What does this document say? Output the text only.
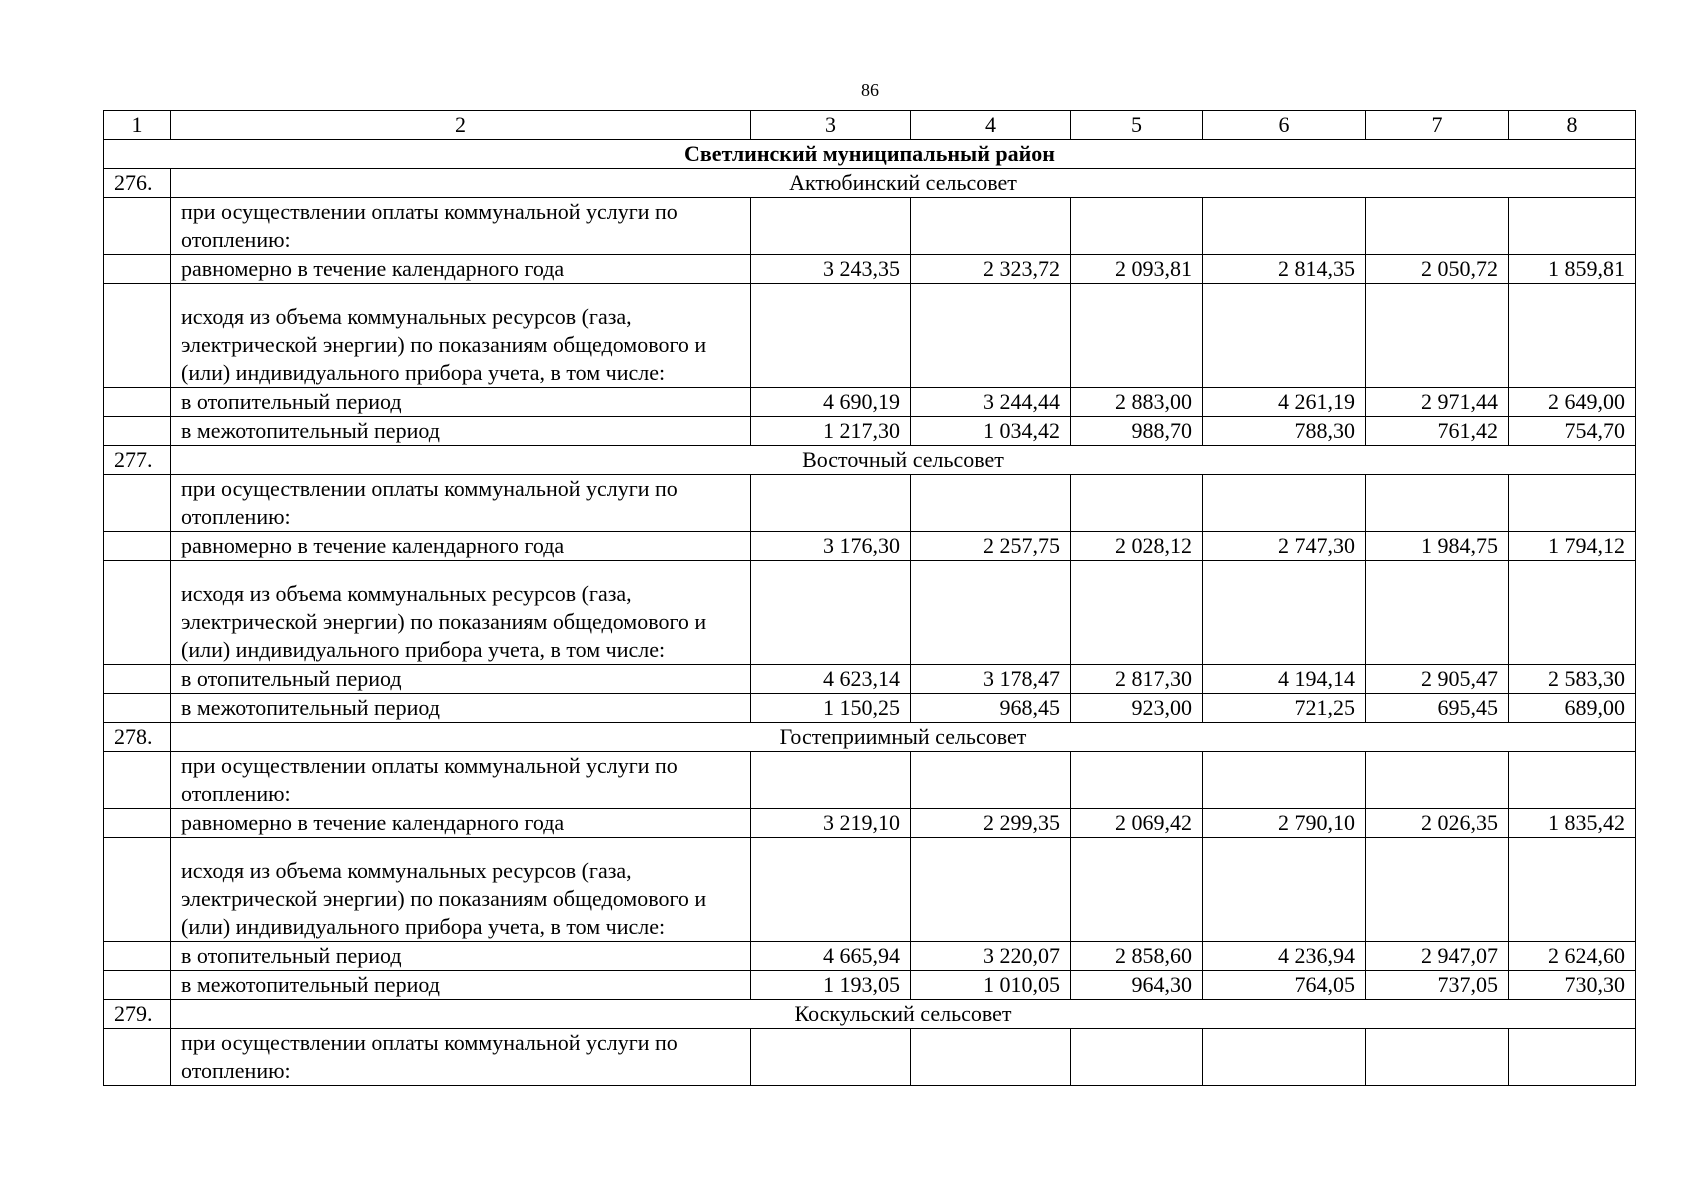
86
1	2	3	4	5	6	7	8
Светлинский муниципальный район							
276.	Актюбинский сельсовет						
	при осуществлении оплаты коммунальной услуги по отоплению:						
	равномерно в течение календарного года	3 243,35	2 323,72	2 093,81	2 814,35	2 050,72	1 859,81
	исходя из объема коммунальных ресурсов (газа, электрической энергии) по показаниям общедомового и (или) индивидуального прибора учета, в том числе:						
	в отопительный период	4 690,19	3 244,44	2 883,00	4 261,19	2 971,44	2 649,00
	в межотопительный период	1 217,30	1 034,42	988,70	788,30	761,42	754,70
277.	Восточный сельсовет						
	при осуществлении оплаты коммунальной услуги по отоплению:						
	равномерно в течение календарного года	3 176,30	2 257,75	2 028,12	2 747,30	1 984,75	1 794,12
	исходя из объема коммунальных ресурсов (газа, электрической энергии) по показаниям общедомового и (или) индивидуального прибора учета, в том числе:						
	в отопительный период	4 623,14	3 178,47	2 817,30	4 194,14	2 905,47	2 583,30
	в межотопительный период	1 150,25	968,45	923,00	721,25	695,45	689,00
278.	Гостеприимный сельсовет						
	при осуществлении оплаты коммунальной услуги по отоплению:						
	равномерно в течение календарного года	3 219,10	2 299,35	2 069,42	2 790,10	2 026,35	1 835,42
	исходя из объема коммунальных ресурсов (газа, электрической энергии) по показаниям общедомового и (или) индивидуального прибора учета, в том числе:						
	в отопительный период	4 665,94	3 220,07	2 858,60	4 236,94	2 947,07	2 624,60
	в межотопительный период	1 193,05	1 010,05	964,30	764,05	737,05	730,30
279.	Коскульский сельсовет						
	при осуществлении оплаты коммунальной услуги по отоплению:						
